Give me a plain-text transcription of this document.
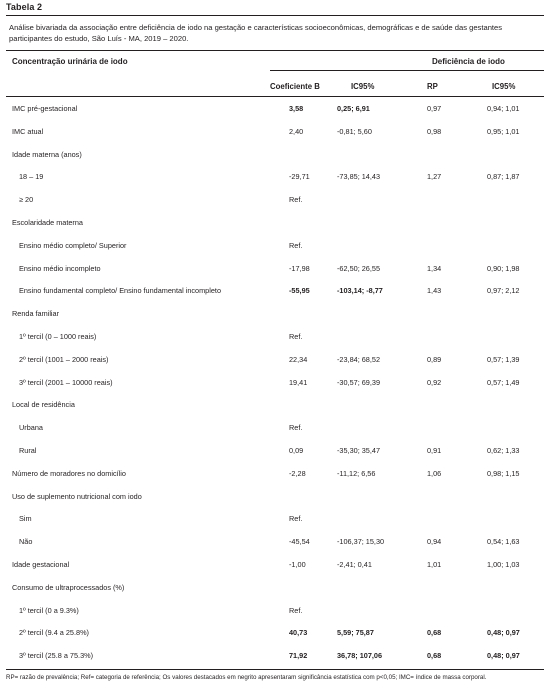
Tabela 2
Análise bivariada da associação entre deficiência de iodo na gestação e características socioeconômicas, demográficas e de saúde das gestantes participantes do estudo, São Luís - MA, 2019 – 2020.
Concentração urinária de iodo	Deficiência de iodo
Coeficiente B	IC95%	RP	IC95%
IMC pré-gestacional	3,58	0,25; 6,91	0,97	0,94; 1,01
IMC atual	2,40	-0,81; 5,60	0,98	0,95; 1,01
Idade materna (anos)
18 – 19	-29,71	-73,85; 14,43	1,27	0,87; 1,87
≥ 20	Ref.
Escolaridade materna
Ensino médio completo/ Superior	Ref.
Ensino médio incompleto	-17,98	-62,50; 26,55	1,34	0,90; 1,98
Ensino fundamental completo/ Ensino fundamental incompleto	-55,95	-103,14; -8,77	1,43	0,97; 2,12
Renda familiar
1º tercil (0 – 1000 reais)	Ref.
2º tercil (1001 – 2000 reais)	22,34	-23,84; 68,52	0,89	0,57; 1,39
3º tercil (2001 – 10000 reais)	19,41	-30,57; 69,39	0,92	0,57; 1,49
Local de residência
Urbana	Ref.
Rural	0,09	-35,30; 35,47	0,91	0,62; 1,33
Número de moradores no domicílio	-2,28	-11,12; 6,56	1,06	0,98; 1,15
Uso de suplemento nutricional com iodo
Sim	Ref.
Não	-45,54	-106,37; 15,30	0,94	0,54; 1,63
Idade gestacional	-1,00	-2,41; 0,41	1,01	1,00; 1,03
Consumo de ultraprocessados (%)
1º tercil (0 a 9.3%)	Ref.
2º tercil (9.4 a 25.8%)	40,73	5,59; 75,87	0,68	0,48; 0,97
3º tercil (25.8 a 75.3%)	71,92	36,78; 107,06	0,68	0,48; 0,97
RP= razão de prevalência; Ref= categoria de referência; Os valores destacados em negrito apresentaram significância estatística com p<0,05; IMC= índice de massa corporal.
